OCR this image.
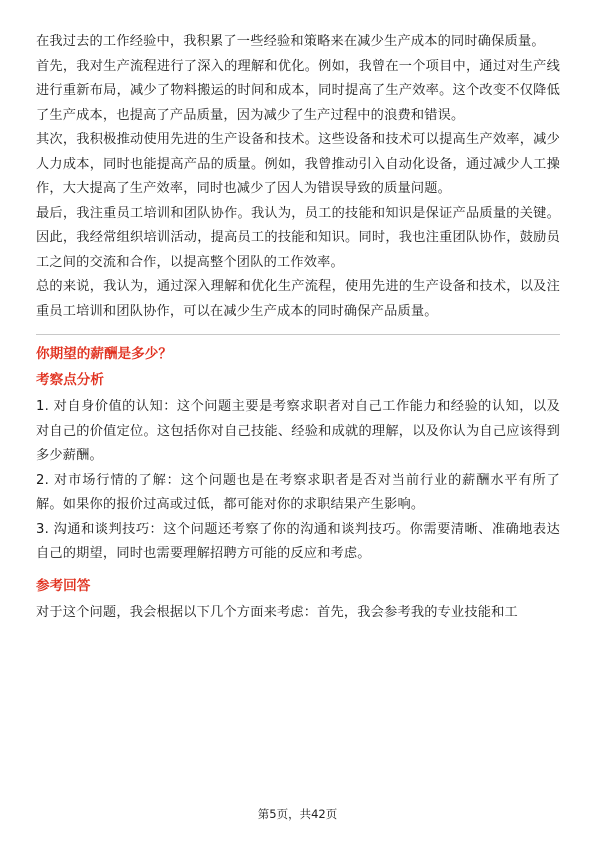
在我过去的工作经验中，我积累了一些经验和策略来在减少生产成本的同时确保质量。

首先，我对生产流程进行了深入的理解和优化。例如，我曾在一个项目中，通过对生产线进行重新布局，减少了物料搬运的时间和成本，同时提高了生产效率。这个改变不仅降低了生产成本，也提高了产品质量，因为减少了生产过程中的浪费和错误。

其次，我积极推动使用先进的生产设备和技术。这些设备和技术可以提高生产效率，减少人力成本，同时也能提高产品的质量。例如，我曾推动引入自动化设备，通过减少人工操作，大大提高了生产效率，同时也减少了因人为错误导致的质量问题。

最后，我注重员工培训和团队协作。我认为，员工的技能和知识是保证产品质量的关键。因此，我经常组织培训活动，提高员工的技能和知识。同时，我也注重团队协作，鼓励员工之间的交流和合作，以提高整个团队的工作效率。

总的来说，我认为，通过深入理解和优化生产流程，使用先进的生产设备和技术，以及注重员工培训和团队协作，可以在减少生产成本的同时确保产品质量。

你期望的薪酬是多少？
考察点分析

1. 对自身价值的认知：这个问题主要是考察求职者对自己工作能力和经验的认知，以及对自己的价值定位。这包括你对自己技能、经验和成就的理解，以及你认为自己应该得到多少薪酬。

2. 对市场行情的了解：这个问题也是在考察求职者是否对当前行业的薪酬水平有所了解。如果你的报价过高或过低，都可能对你的求职结果产生影响。

3. 沟通和谈判技巧：这个问题还考察了你的沟通和谈判技巧。你需要清晰、准确地表达自己的期望，同时也需要理解招聘方可能的反应和考虑。

参考回答

对于这个问题，我会根据以下几个方面来考虑：首先，我会参考我的专业技能和工

第5页，共42页
